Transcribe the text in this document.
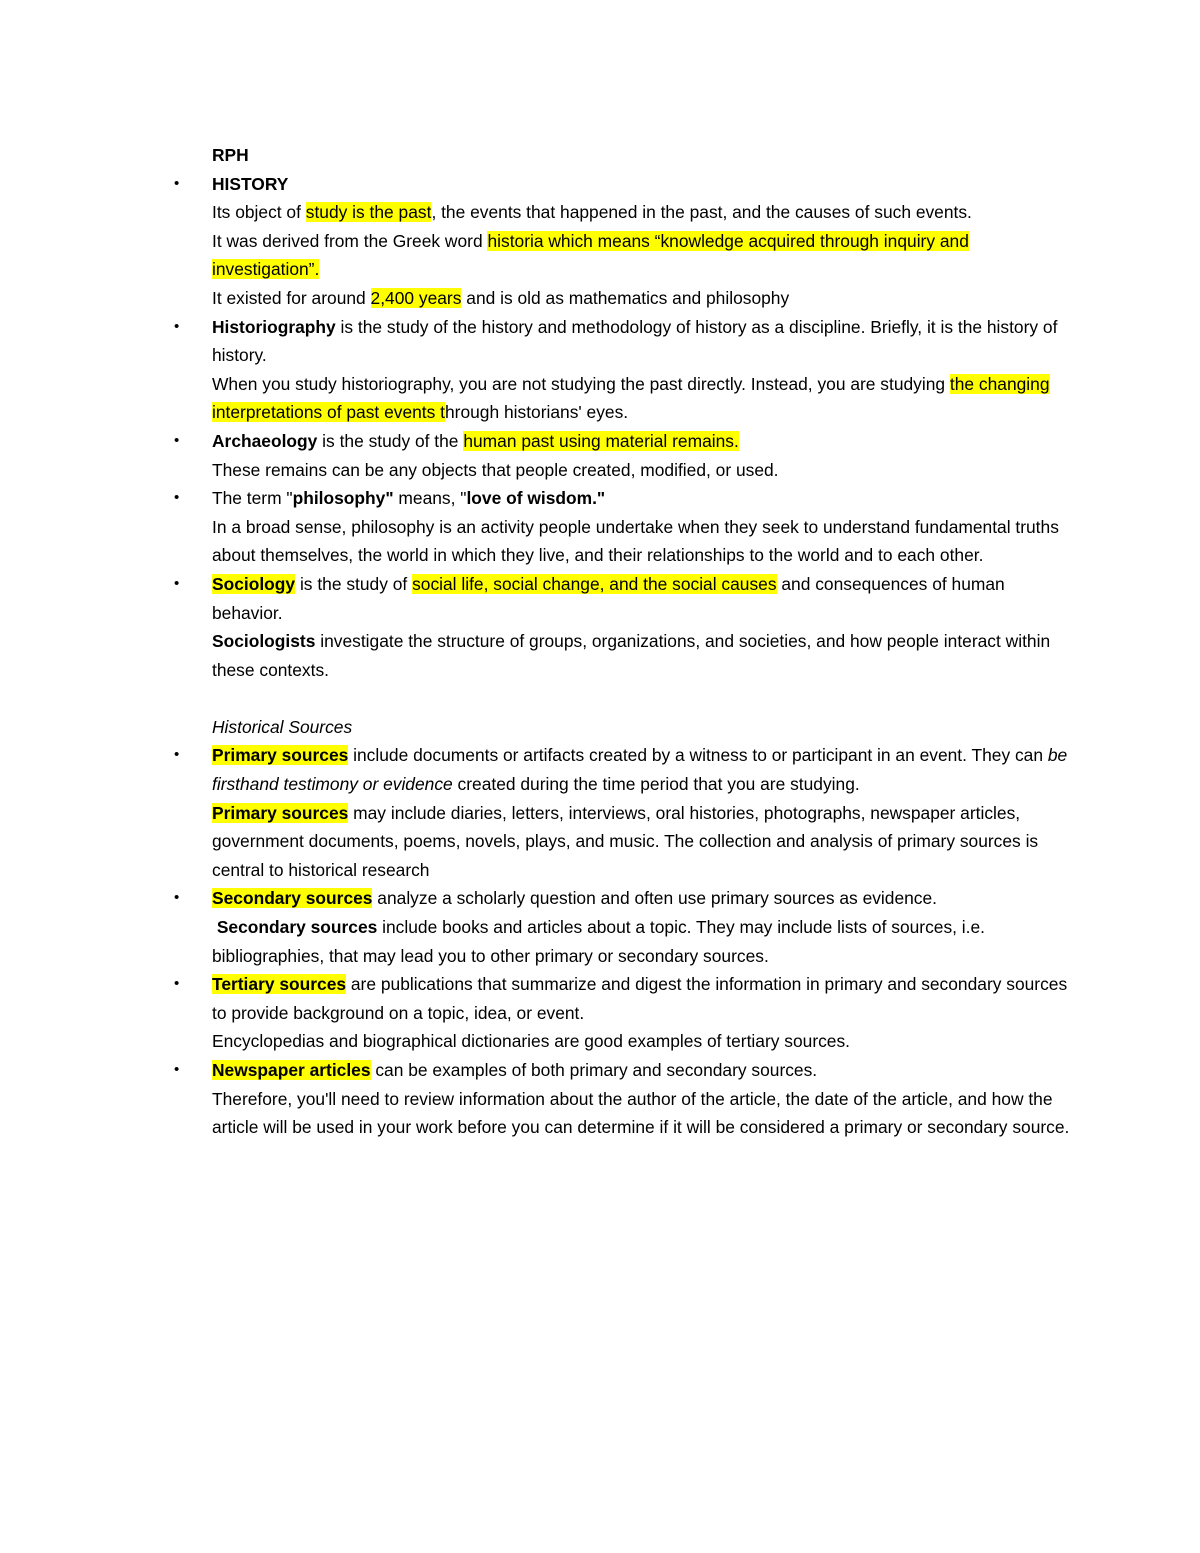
RPH

• HISTORY

Its object of study is the past, the events that happened in the past, and the causes of such events.

It was derived from the Greek word historia which means “knowledge acquired through inquiry and investigation”.

It existed for around 2,400 years and is old as mathematics and philosophy

• Historiography is the study of the history and methodology of history as a discipline. Briefly, it is the history of history.

When you study historiography, you are not studying the past directly. Instead, you are studying the changing interpretations of past events through historians' eyes.

• Archaeology is the study of the human past using material remains.

These remains can be any objects that people created, modified, or used.

• The term "philosophy" means, "love of wisdom."

In a broad sense, philosophy is an activity people undertake when they seek to understand fundamental truths about themselves, the world in which they live, and their relationships to the world and to each other.

• Sociology is the study of social life, social change, and the social causes and consequences of human behavior.

Sociologists investigate the structure of groups, organizations, and societies, and how people interact within these contexts.

Historical Sources

• Primary sources include documents or artifacts created by a witness to or participant in an event. They can be firsthand testimony or evidence created during the time period that you are studying.

Primary sources may include diaries, letters, interviews, oral histories, photographs, newspaper articles, government documents, poems, novels, plays, and music. The collection and analysis of primary sources is central to historical research

• Secondary sources analyze a scholarly question and often use primary sources as evidence.

Secondary sources include books and articles about a topic. They may include lists of sources, i.e. bibliographies, that may lead you to other primary or secondary sources.

• Tertiary sources are publications that summarize and digest the information in primary and secondary sources to provide background on a topic, idea, or event.

Encyclopedias and biographical dictionaries are good examples of tertiary sources.

• Newspaper articles can be examples of both primary and secondary sources.

Therefore, you'll need to review information about the author of the article, the date of the article, and how the article will be used in your work before you can determine if it will be considered a primary or secondary source.
